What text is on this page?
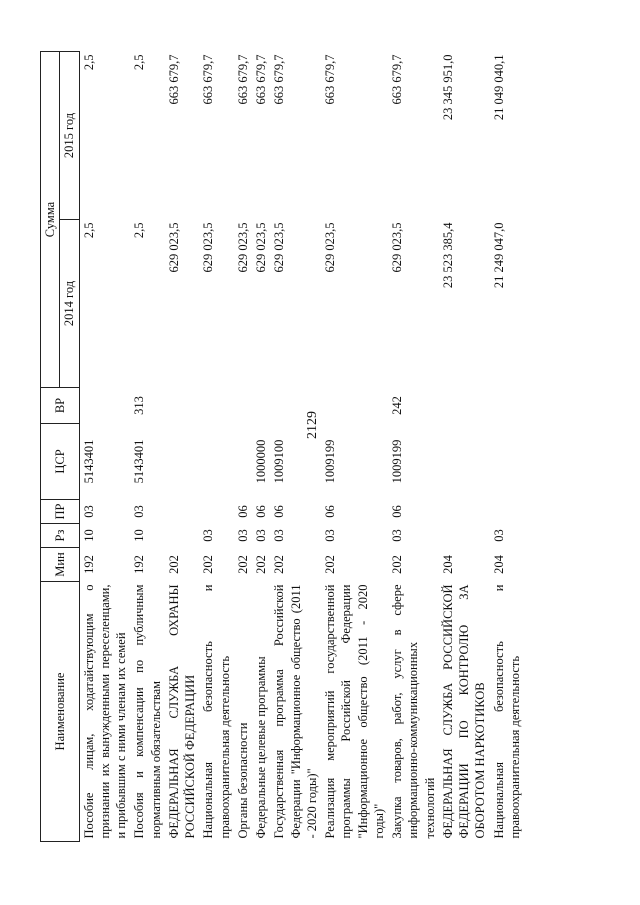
2129
Наименование	Мин	Рз	ПР	ЦСР	ВР	Сумма	
						2014 год	2015 год
Пособие лицам, ходатайствующим о признании их вынужденными переселенцами, и прибывшим с ними членам их семей	192	10	03	5143401		2,5	2,5
Пособия и компенсации по публичным нормативным обязательствам	192	10	03	5143401	313	2,5	2,5
ФЕДЕРАЛЬНАЯ СЛУЖБА ОХРАНЫ РОССИЙСКОЙ ФЕДЕРАЦИИ	202					629 023,5	663 679,7
Национальная безопасность и правоохранительная деятельность	202	03				629 023,5	663 679,7
Органы безопасности	202	03	06			629 023,5	663 679,7
Федеральные целевые программы	202	03	06	1000000		629 023,5	663 679,7
Государственная программа Российской Федерации "Информационное общество (2011 - 2020 годы)"	202	03	06	1009100		629 023,5	663 679,7
Реализация мероприятий государственной программы Российской Федерации "Информационное общество (2011 - 2020 годы)"	202	03	06	1009199		629 023,5	663 679,7
Закупка товаров, работ, услуг в сфере информационно-коммуникационных технологий	202	03	06	1009199	242	629 023,5	663 679,7
ФЕДЕРАЛЬНАЯ СЛУЖБА РОССИЙСКОЙ ФЕДЕРАЦИИ ПО КОНТРОЛЮ ЗА ОБОРОТОМ НАРКОТИКОВ	204					23 523 385,4	23 345 951,0
Национальная безопасность и правоохранительная деятельность	204	03				21 249 047,0	21 049 040,1
